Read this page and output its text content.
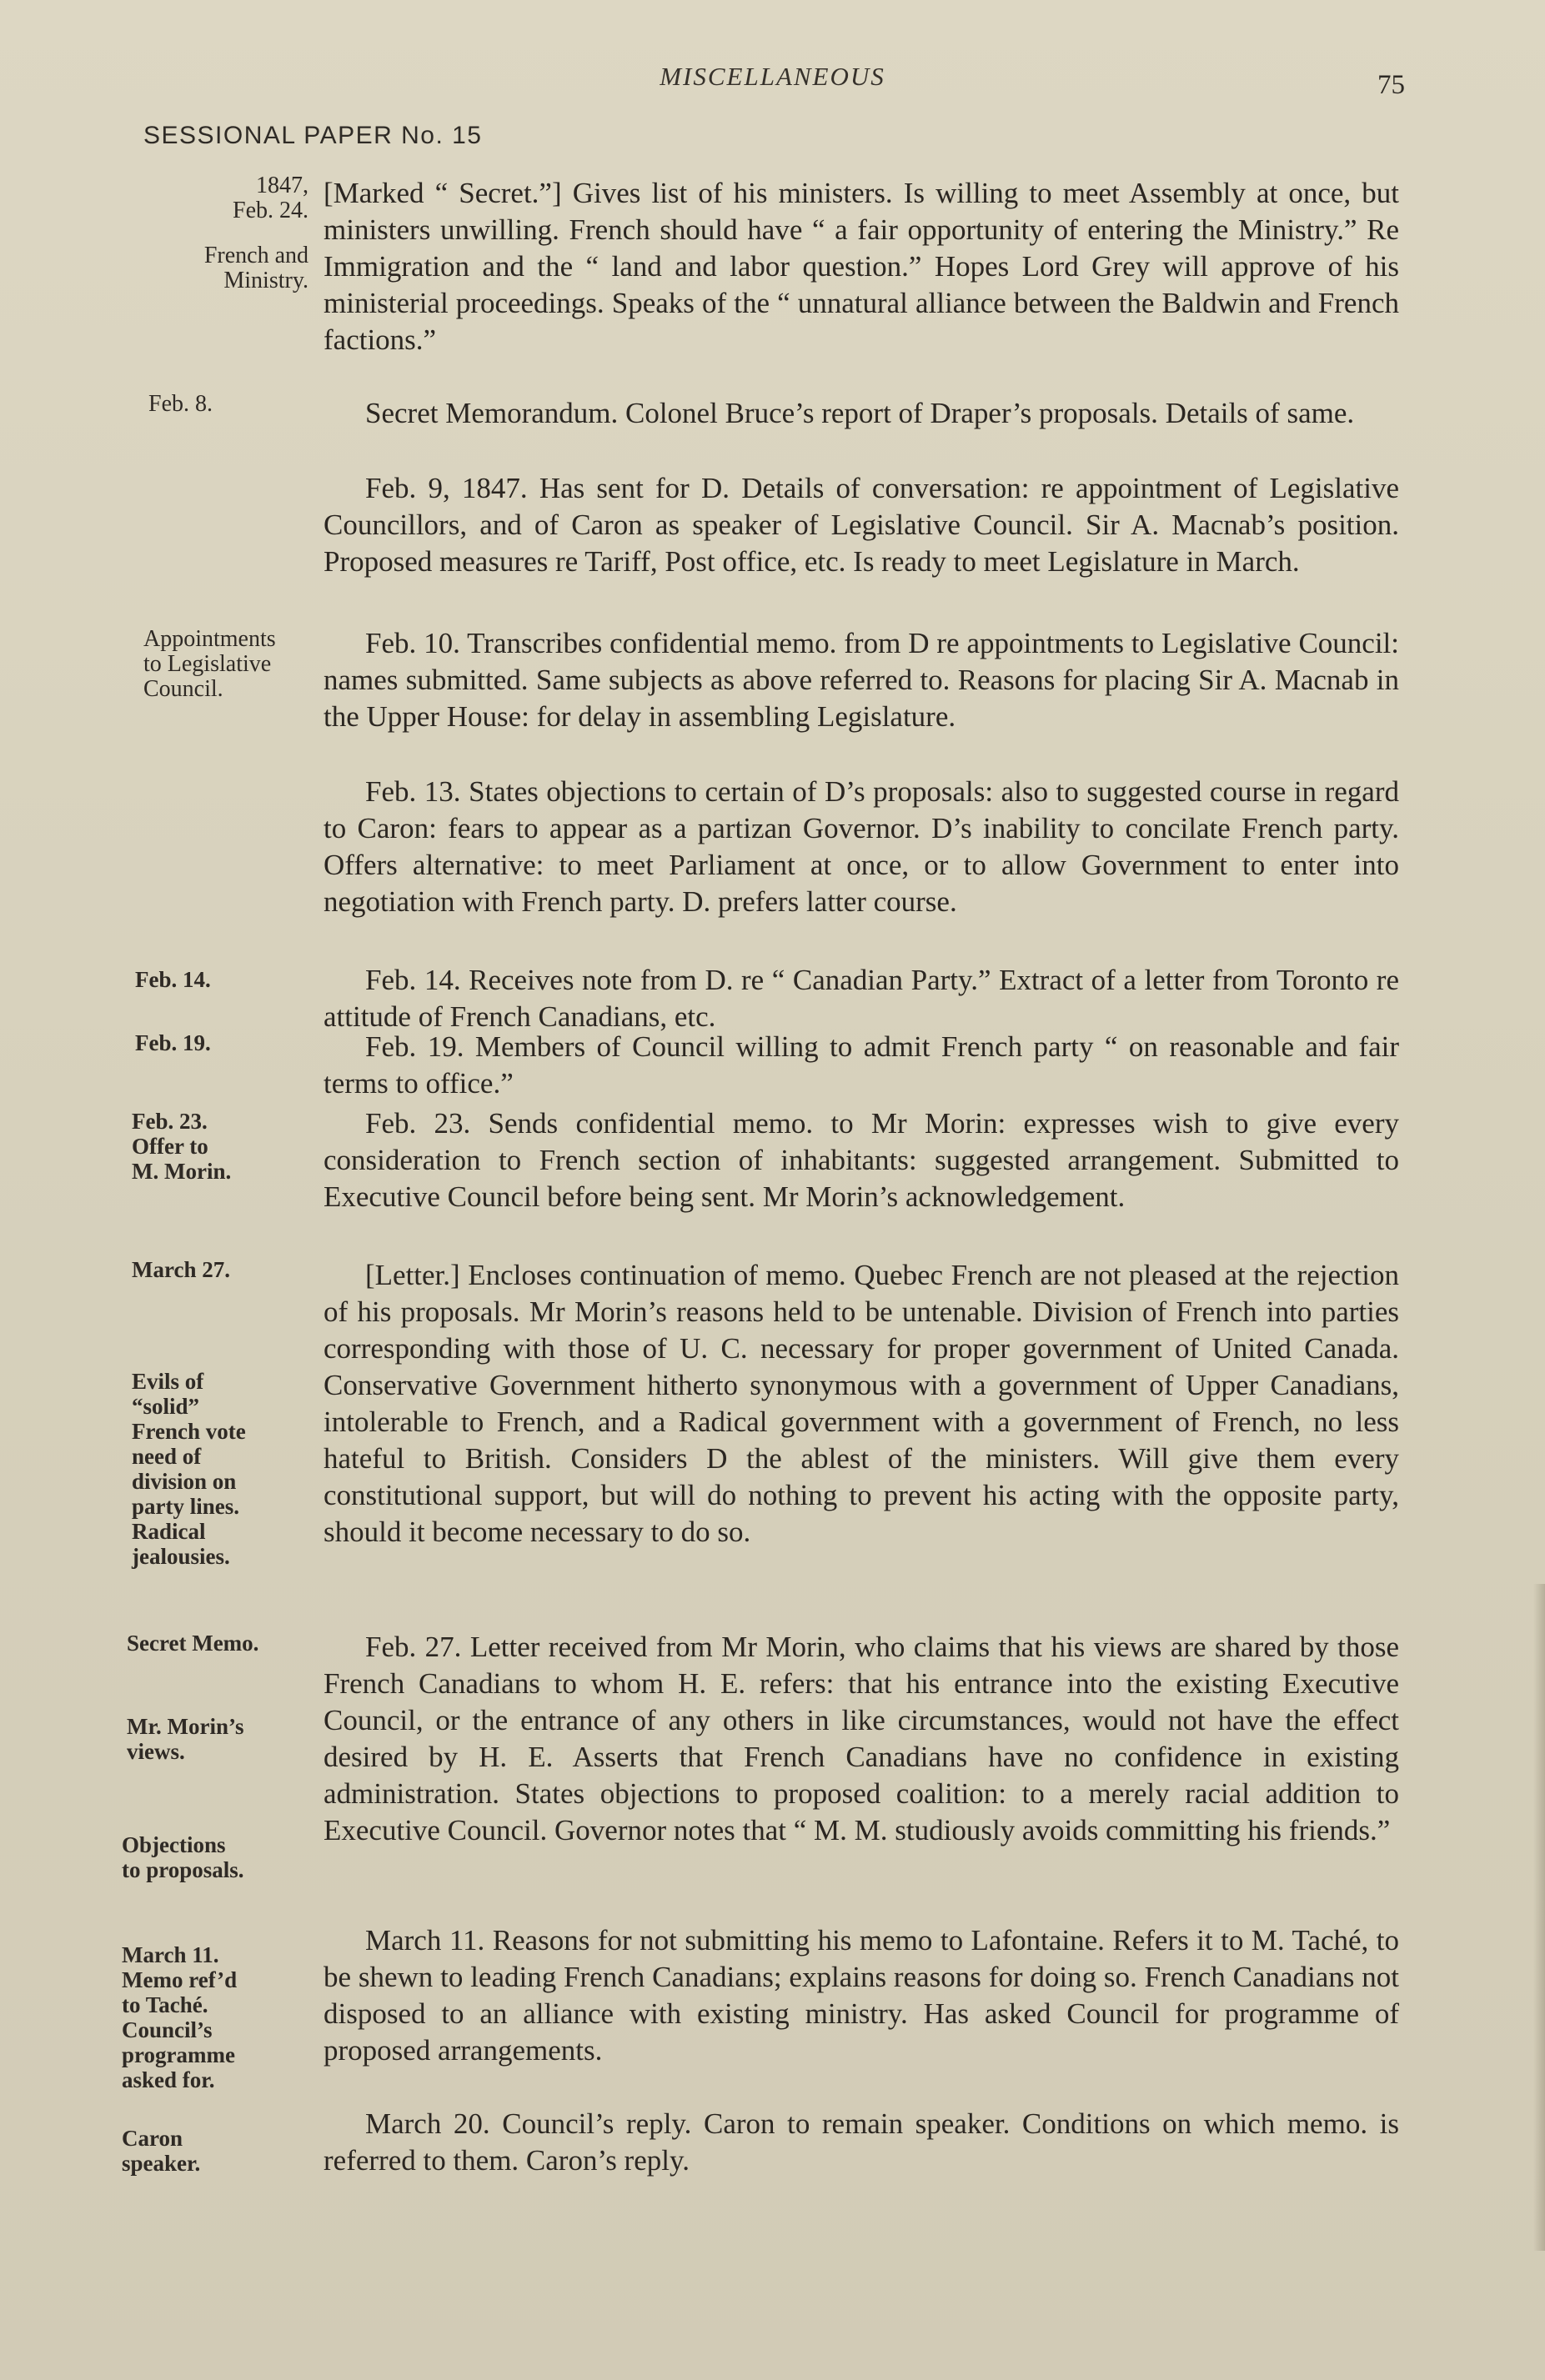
MISCELLANEOUS	75
SESSIONAL PAPER No. 15
1847,
Feb. 24.
French and
Ministry.
Feb. 8.
Appointments
to Legislative
Council.
Feb. 14.
Feb. 19.
Feb. 23.
Offer to
M. Morin.
March 27.
Evils of
“solid”
French vote
need of
division on
party lines.
Radical
jealousies.
Secret Memo.
Mr. Morin’s
views.
Objections
to proposals.
March 11.
Memo ref’d
to Taché.
Council’s
programme
asked for.
Caron
speaker.

[Marked “ Secret.”] Gives list of his ministers. Is willing to meet Assembly at once, but ministers unwilling. French should have “ a fair opportunity of entering the Ministry.” Re Immigration and the “ land and labor question.” Hopes Lord Grey will approve of his ministerial proceedings. Speaks of the “ unnatural alliance between the Baldwin and French factions.”

Secret Memorandum. Colonel Bruce’s report of Draper’s proposals. Details of same.

Feb. 9, 1847. Has sent for D. Details of conversation: re appointment of Legislative Councillors, and of Caron as speaker of Legislative Council. Sir A. Macnab’s position. Proposed measures re Tariff, Post office, etc. Is ready to meet Legislature in March.

Feb. 10. Transcribes confidential memo. from D re appointments to Legislative Council: names submitted. Same subjects as above referred to. Reasons for placing Sir A. Macnab in the Upper House: for delay in assembling Legislature.

Feb. 13. States objections to certain of D’s proposals: also to suggested course in regard to Caron: fears to appear as a partizan Governor. D’s inability to concilate French party. Offers alternative: to meet Parliament at once, or to allow Government to enter into negotiation with French party. D. prefers latter course.

Feb. 14. Receives note from D. re “ Canadian Party.” Extract of a letter from Toronto re attitude of French Canadians, etc.

Feb. 19. Members of Council willing to admit French party “ on reasonable and fair terms to office.”

Feb. 23. Sends confidential memo. to Mr Morin: expresses wish to give every consideration to French section of inhabitants: suggested arrangement. Submitted to Executive Council before being sent. Mr Morin’s acknowledgement.

[Letter.] Encloses continuation of memo. Quebec French are not pleased at the rejection of his proposals. Mr Morin’s reasons held to be untenable. Division of French into parties corresponding with those of U. C. necessary for proper government of United Canada. Conservative Government hitherto synonymous with a government of Upper Canadians, intolerable to French, and a Radical government with a government of French, no less hateful to British. Considers D the ablest of the ministers. Will give them every constitutional support, but will do nothing to prevent his acting with the opposite party, should it become necessary to do so.

Feb. 27. Letter received from Mr Morin, who claims that his views are shared by those French Canadians to whom H. E. refers: that his entrance into the existing Executive Council, or the entrance of any others in like circumstances, would not have the effect desired by H. E. Asserts that French Canadians have no confidence in existing administration. States objections to proposed coalition: to a merely racial addition to Executive Council. Governor notes that “ M. M. studiously avoids committing his friends.”

March 11. Reasons for not submitting his memo to Lafontaine. Refers it to M. Taché, to be shewn to leading French Canadians; explains reasons for doing so. French Canadians not disposed to an alliance with existing ministry. Has asked Council for programme of proposed arrangements.

March 20. Council’s reply. Caron to remain speaker. Conditions on which memo. is referred to them. Caron’s reply.
